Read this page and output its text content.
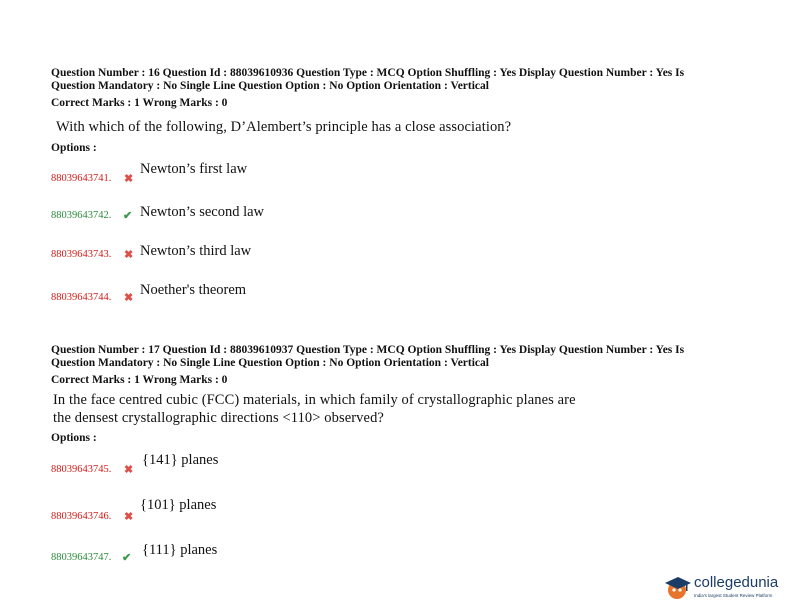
Question Number : 16 Question Id : 88039610936 Question Type : MCQ Option Shuffling : Yes Display Question Number : Yes Is
Question Mandatory : No Single Line Question Option : No Option Orientation : Vertical
Correct Marks : 1 Wrong Marks : 0
With which of the following, D’Alembert’s principle has a close association?
Options :
88039643741. ✖
Newton’s first law
88039643742. ✔ Newton’s second law
88039643743. ✖ Newton’s third law
88039643744. ✖ Noether's theorem
Question Number : 17 Question Id : 88039610937 Question Type : MCQ Option Shuffling : Yes Display Question Number : Yes Is
Question Mandatory : No Single Line Question Option : No Option Orientation : Vertical
Correct Marks : 1 Wrong Marks : 0
In the face centred cubic (FCC) materials, in which family of crystallographic planes are
the densest crystallographic directions <110> observed?
Options :
88039643745. ✖
{141} planes
88039643746. ✖
{101} planes
88039643747. ✔ {111} planes
collegedunia
India's largest Student Review Platform
